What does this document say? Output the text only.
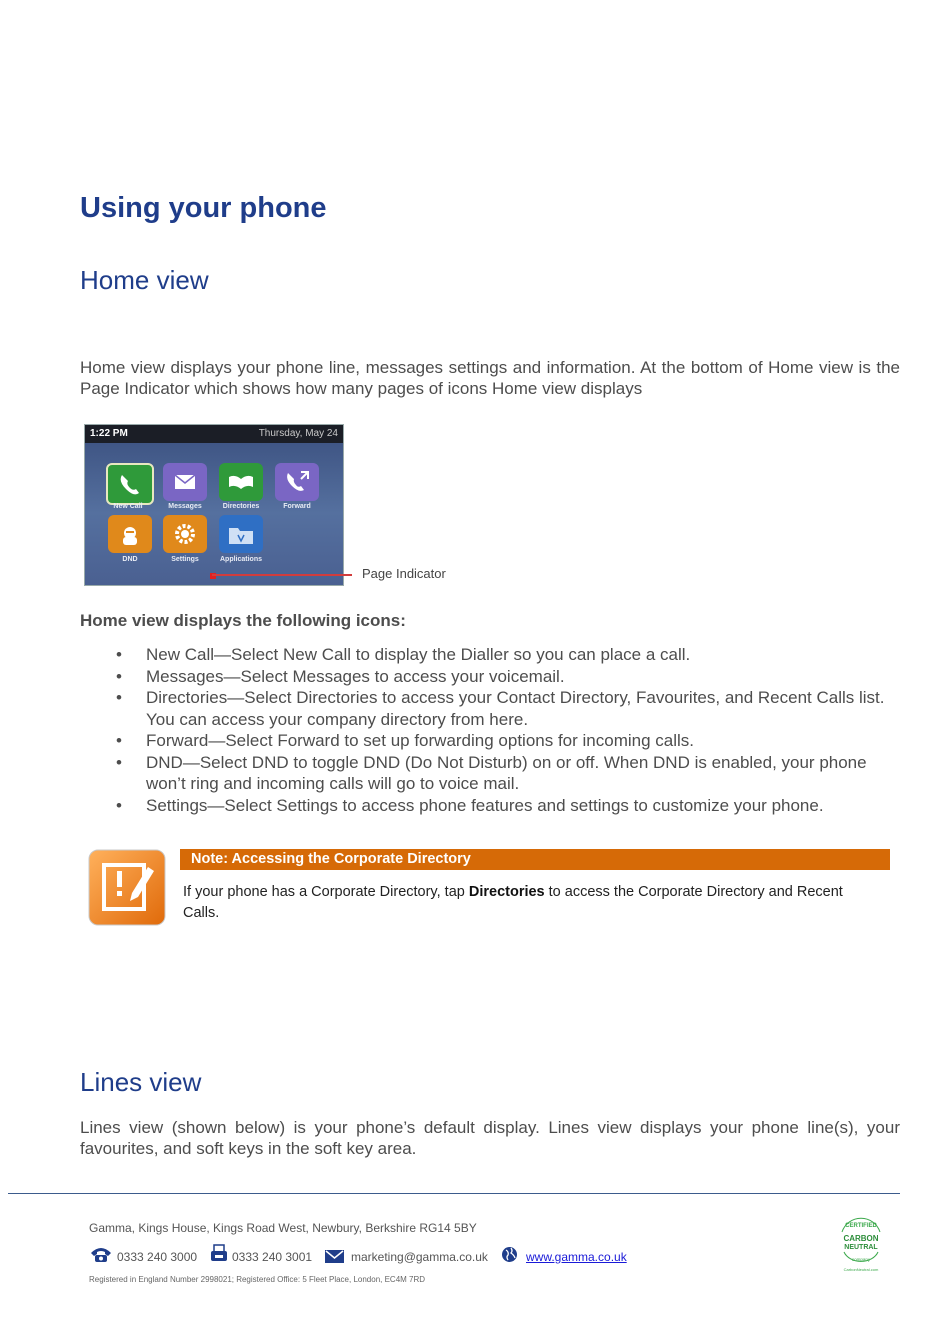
Using your phone
Home view

Home view displays your phone line, messages settings and information. At the bottom of Home view is the Page Indicator which shows how many pages of icons Home view displays

1:22 PM	Thursday, May 24
New Call	Messages	Directories	Forward
DND	Settings	Applications
Page Indicator

Home view displays the following icons:

• New Call—Select New Call to display the Dialler so you can place a call.
• Messages—Select Messages to access your voicemail.
• Directories—Select Directories to access your Contact Directory, Favourites, and Recent Calls list. You can access your company directory from here.
• Forward—Select Forward to set up forwarding options for incoming calls.
• DND—Select DND to toggle DND (Do Not Disturb) on or off. When DND is enabled, your phone won’t ring and incoming calls will go to voice mail.
• Settings—Select Settings to access phone features and settings to customize your phone.
Note: Accessing the Corporate Directory

If your phone has a Corporate Directory, tap Directories to access the Corporate Directory and Recent Calls.

Lines view

Lines view (shown below) is your phone’s default display. Lines view displays your phone line(s), your favourites, and soft keys in the soft key area.

Gamma, Kings House, Kings Road West, Newbury, Berkshire RG14 5BY
0333 240 3000	0333 240 3001	marketing@gamma.co.uk	www.gamma.co.uk
Registered in England Number 2998021; Registered Office: 5 Fleet Place, London, EC4M 7RD
CERTIFIED
CARBON
NEUTRAL
company
CarbonNeutral.com
